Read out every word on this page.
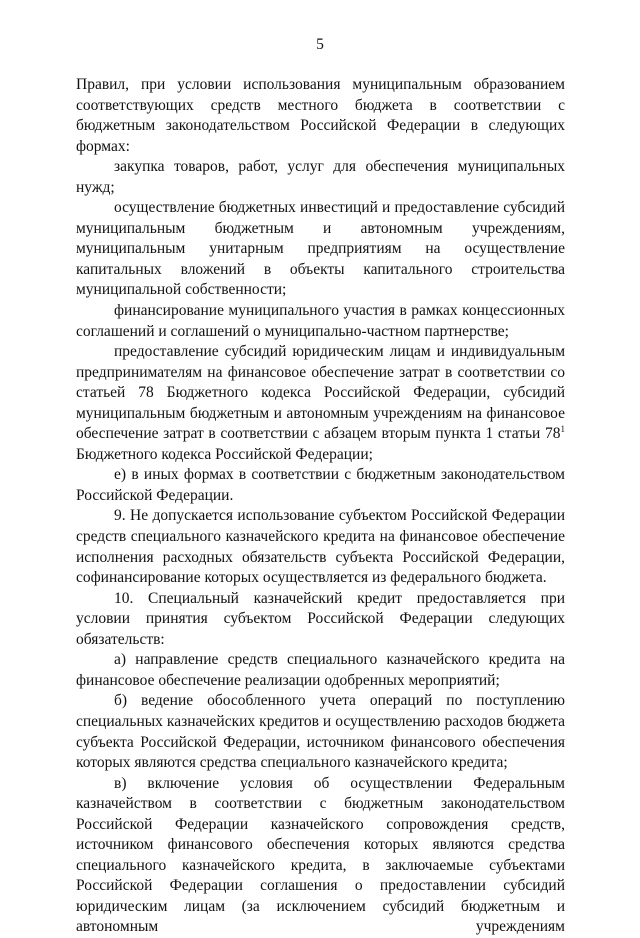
5

Правил, при условии использования муниципальным образованием соответствующих средств местного бюджета в соответствии с бюджетным законодательством Российской Федерации в следующих формах:

закупка товаров, работ, услуг для обеспечения муниципальных нужд;

осуществление бюджетных инвестиций и предоставление субсидий муниципальным бюджетным и автономным учреждениям, муниципальным унитарным предприятиям на осуществление капитальных вложений в объекты капитального строительства муниципальной собственности;

финансирование муниципального участия в рамках концессионных соглашений и соглашений о муниципально-частном партнерстве;

предоставление субсидий юридическим лицам и индивидуальным предпринимателям на финансовое обеспечение затрат в соответствии со статьей 78 Бюджетного кодекса Российской Федерации, субсидий муниципальным бюджетным и автономным учреждениям на финансовое обеспечение затрат в соответствии с абзацем вторым пункта 1 статьи $78^1$ Бюджетного кодекса Российской Федерации;

е) в иных формах в соответствии с бюджетным законодательством Российской Федерации.

9. Не допускается использование субъектом Российской Федерации средств специального казначейского кредита на финансовое обеспечение исполнения расходных обязательств субъекта Российской Федерации, софинансирование которых осуществляется из федерального бюджета.

10. Специальный казначейский кредит предоставляется при условии принятия субъектом Российской Федерации следующих обязательств:

а) направление средств специального казначейского кредита на финансовое обеспечение реализации одобренных мероприятий;

б) ведение обособленного учета операций по поступлению специальных казначейских кредитов и осуществлению расходов бюджета субъекта Российской Федерации, источником финансового обеспечения которых являются средства специального казначейского кредита;

в) включение условия об осуществлении Федеральным казначейством в соответствии с бюджетным законодательством Российской Федерации казначейского сопровождения средств, источником финансового обеспечения которых являются средства специального казначейского кредита, в заключаемые субъектами Российской Федерации соглашения о предоставлении субсидий юридическим лицам (за исключением субсидий бюджетным и автономным учреждениям
